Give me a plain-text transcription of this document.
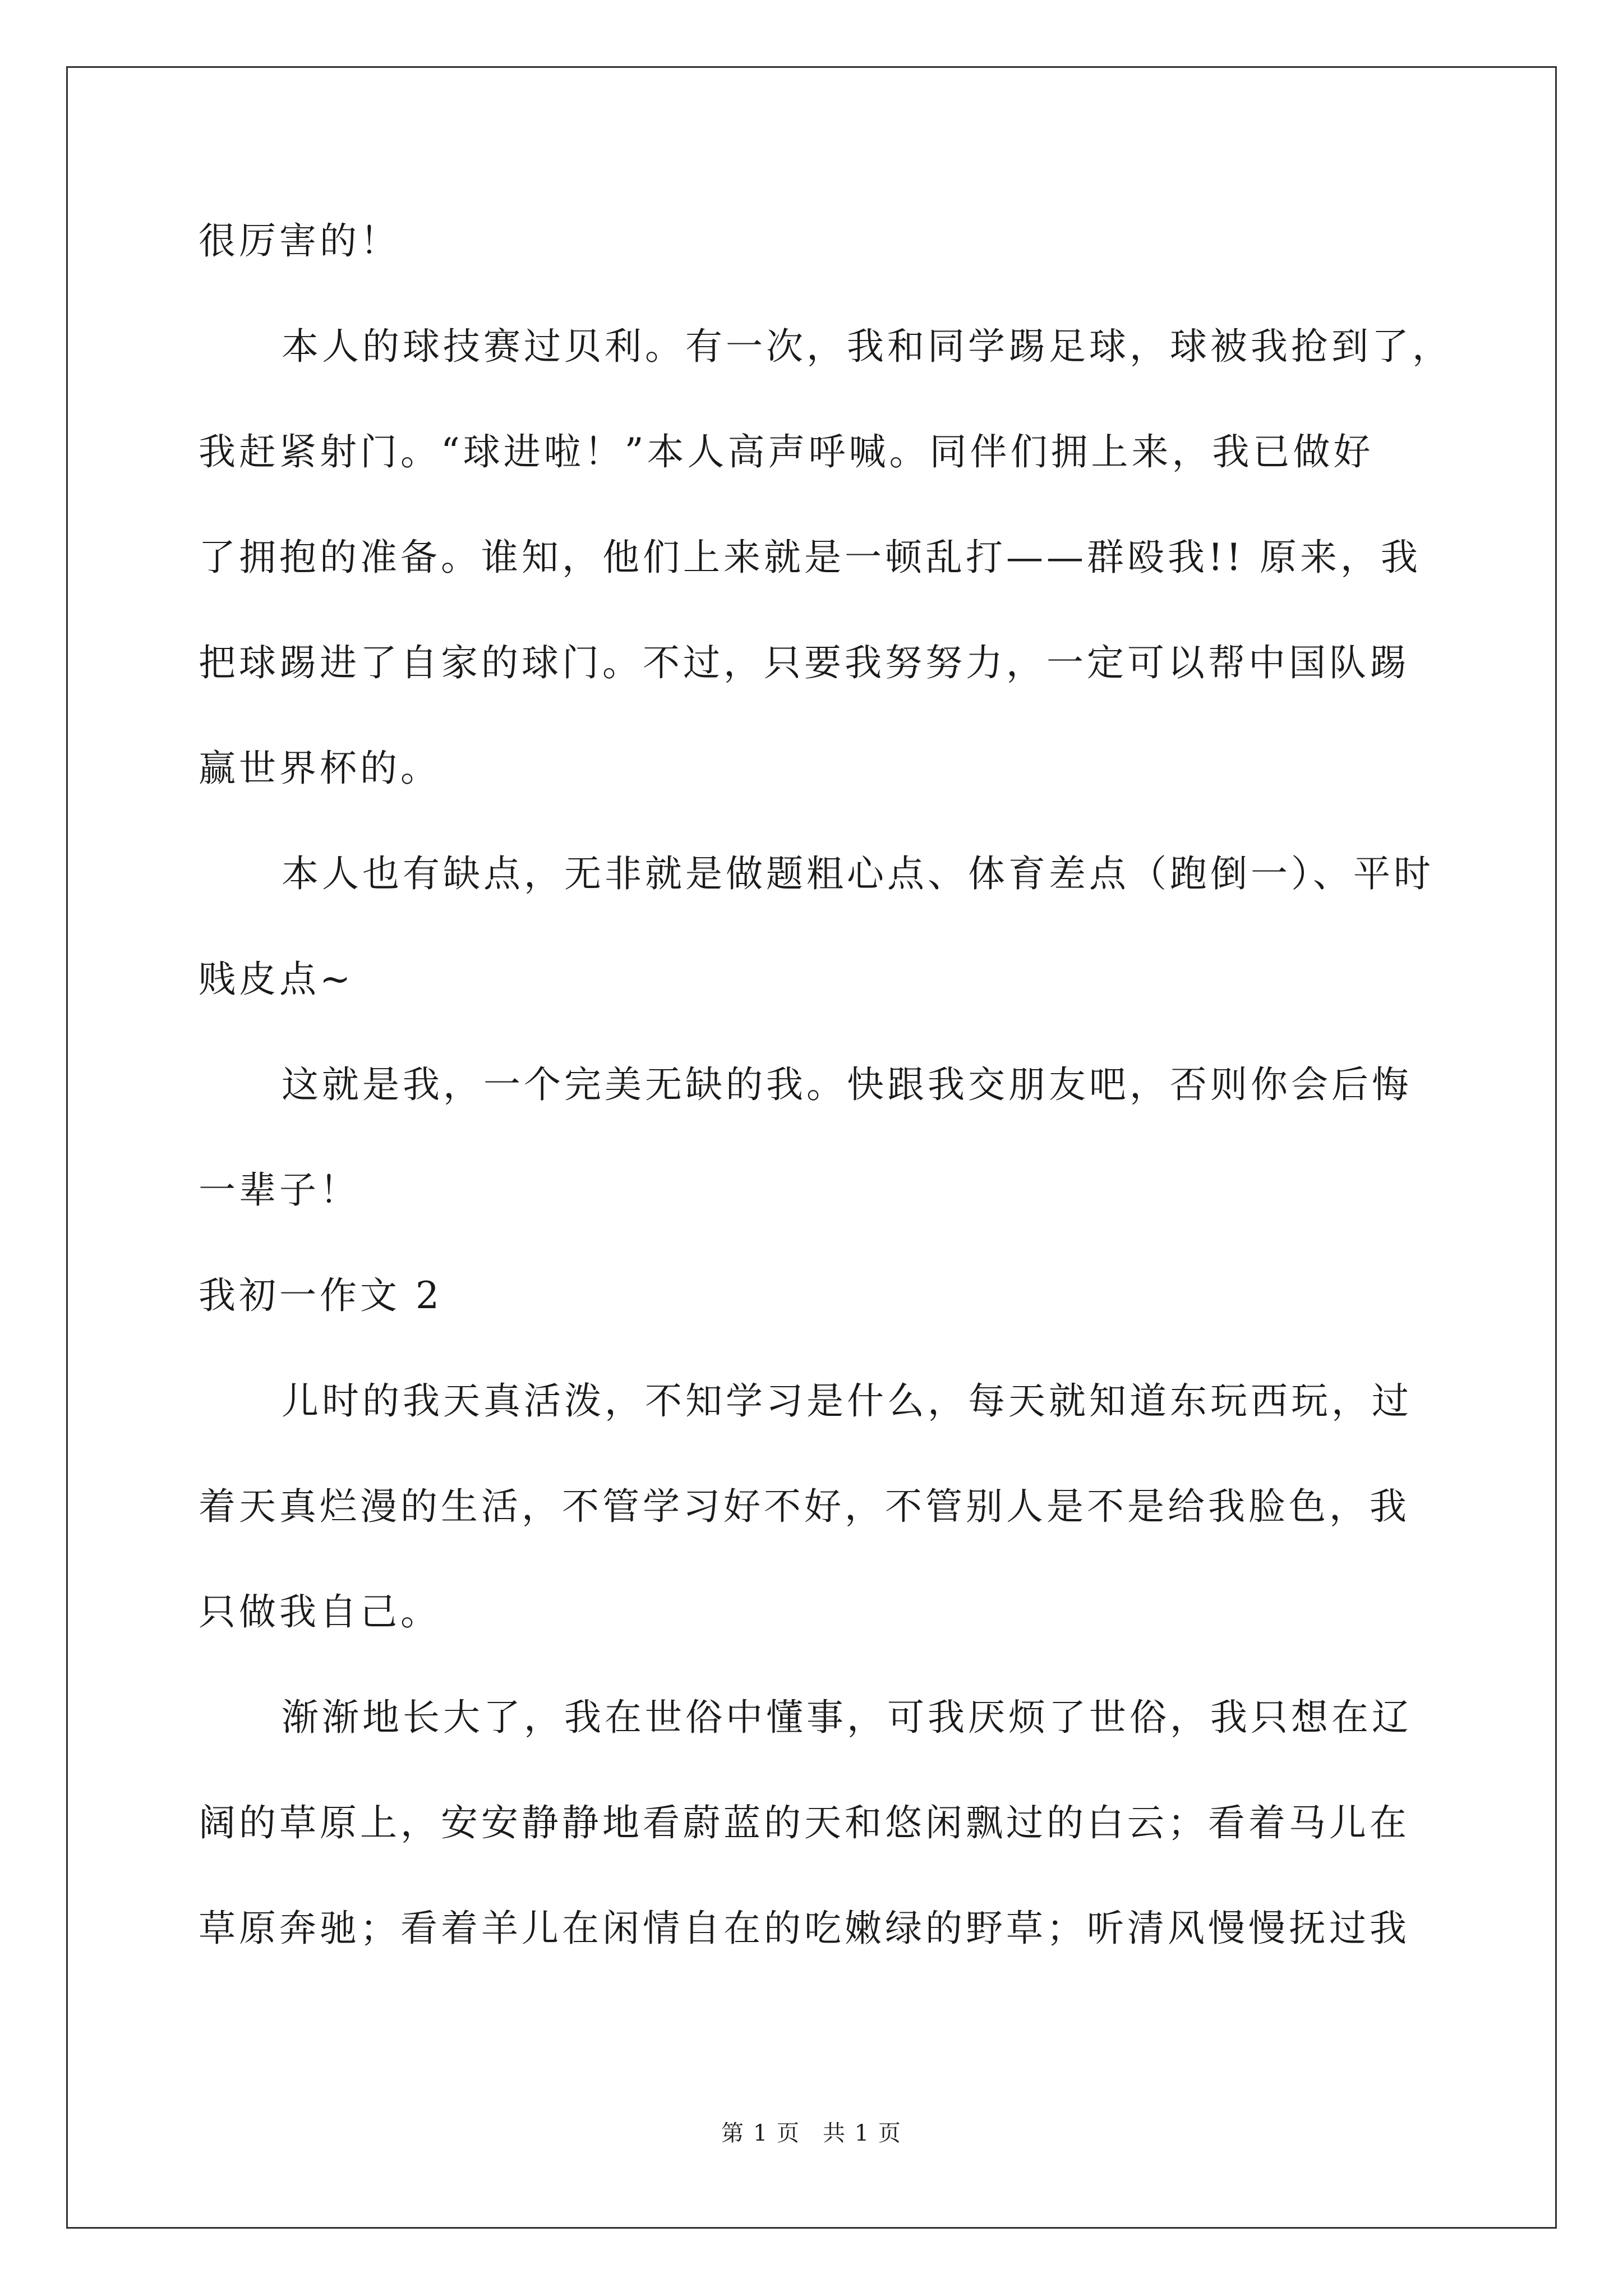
很厉害的！
本人的球技赛过贝利。有一次，我和同学踢足球，球被我抢到了，
我赶紧射门。“球进啦！”本人高声呼喊。同伴们拥上来，我已做好
了拥抱的准备。谁知，他们上来就是一顿乱打——群殴我!! 原来，我
把球踢进了自家的球门。不过，只要我努努力，一定可以帮中国队踢
赢世界杯的。
本人也有缺点，无非就是做题粗心点、体育差点（跑倒一）、平时
贱皮点~
这就是我，一个完美无缺的我。快跟我交朋友吧，否则你会后悔
一辈子！
我初一作文 2
儿时的我天真活泼，不知学习是什么，每天就知道东玩西玩，过
着天真烂漫的生活，不管学习好不好，不管别人是不是给我脸色，我
只做我自己。
渐渐地长大了，我在世俗中懂事，可我厌烦了世俗，我只想在辽
阔的草原上，安安静静地看蔚蓝的天和悠闲飘过的白云；看着马儿在
草原奔驰；看着羊儿在闲情自在的吃嫩绿的野草；听清风慢慢抚过我
第 1 页 共 1 页
